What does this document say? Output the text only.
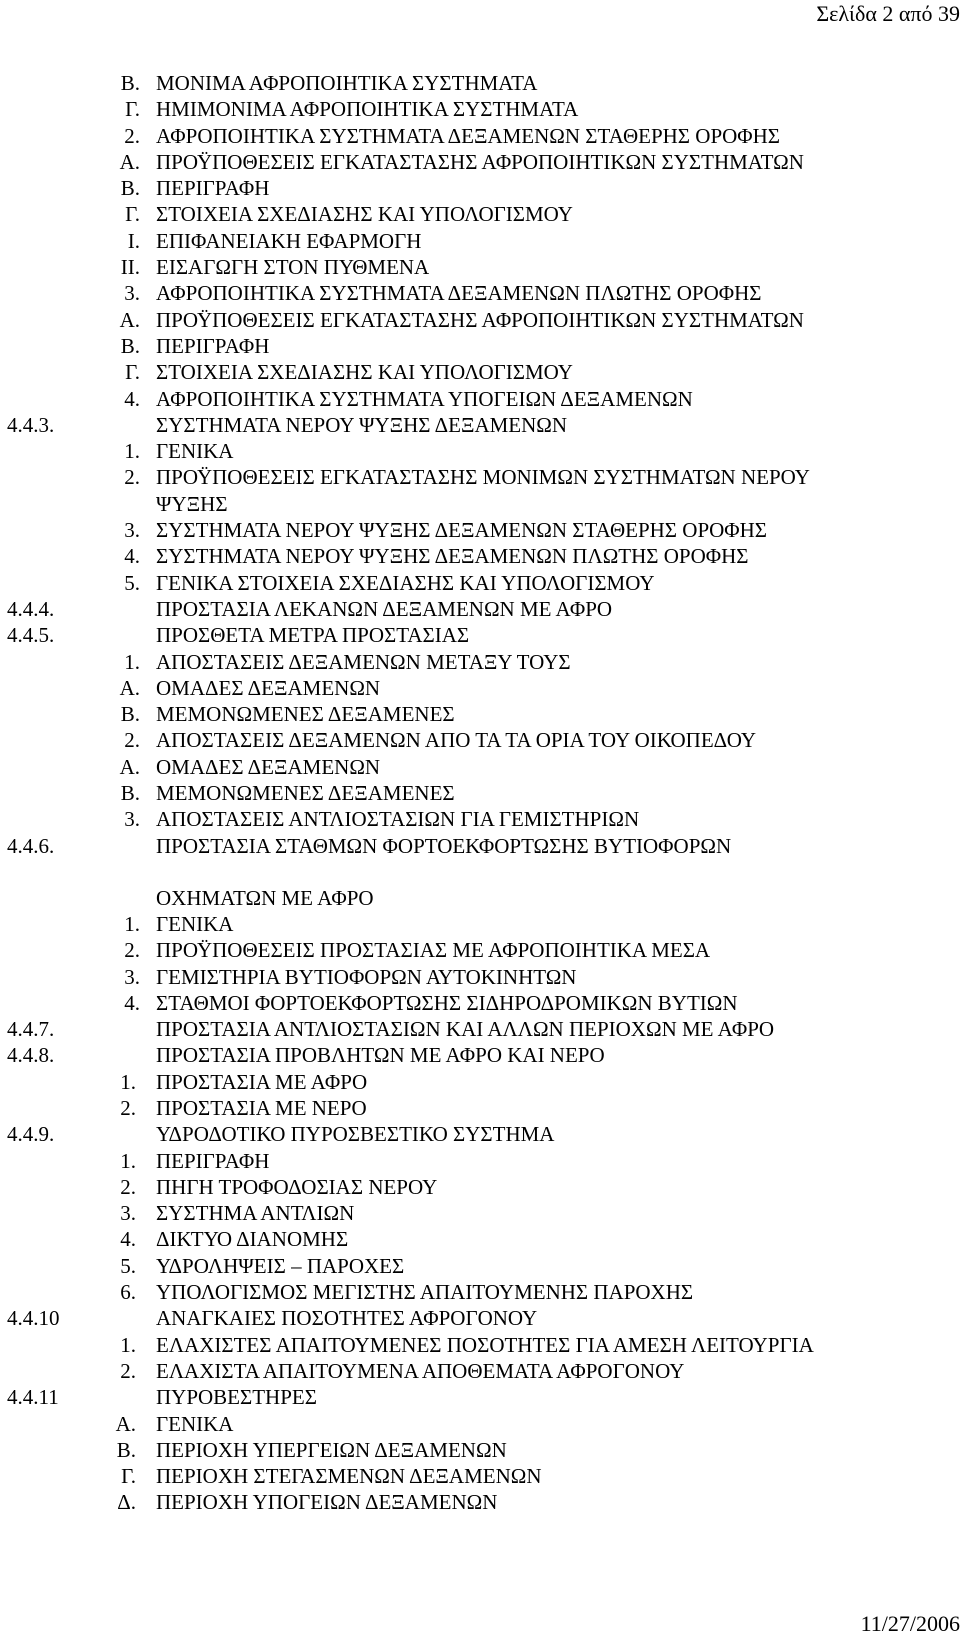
Σελίδα 2 από 39
Β. ΜΟΝΙΜΑ ΑΦΡΟΠΟΙΗΤΙΚΑ ΣΥΣΤΗΜΑΤΑ
Γ. ΗΜΙΜΟΝΙΜΑ ΑΦΡΟΠΟΙΗΤΙΚΑ ΣΥΣΤΗΜΑΤΑ
2. ΑΦΡΟΠΟΙΗΤΙΚΑ ΣΥΣΤΗΜΑΤΑ ΔΕΞΑΜΕΝΩΝ ΣΤΑΘΕΡΗΣ ΟΡΟΦΗΣ
Α. ΠΡΟΫΠΟΘΕΣΕΙΣ ΕΓΚΑΤΑΣΤΑΣΗΣ ΑΦΡΟΠΟΙΗΤΙΚΩΝ ΣΥΣΤΗΜΑΤΩΝ
Β. ΠΕΡΙΓΡΑΦΗ
Γ. ΣΤΟΙΧΕΙΑ ΣΧΕΔΙΑΣΗΣ ΚΑΙ ΥΠΟΛΟΓΙΣΜΟΥ
Ι. ΕΠΙΦΑΝΕΙΑΚΗ ΕΦΑΡΜΟΓΗ
ΙΙ. ΕΙΣΑΓΩΓΗ ΣΤΟΝ ΠΥΘΜΕΝΑ
3. ΑΦΡΟΠΟΙΗΤΙΚΑ ΣΥΣΤΗΜΑΤΑ ΔΕΞΑΜΕΝΩΝ ΠΛΩΤΗΣ ΟΡΟΦΗΣ
Α. ΠΡΟΫΠΟΘΕΣΕΙΣ ΕΓΚΑΤΑΣΤΑΣΗΣ ΑΦΡΟΠΟΙΗΤΙΚΩΝ ΣΥΣΤΗΜΑΤΩΝ
Β. ΠΕΡΙΓΡΑΦΗ
Γ. ΣΤΟΙΧΕΙΑ ΣΧΕΔΙΑΣΗΣ ΚΑΙ ΥΠΟΛΟΓΙΣΜΟΥ
4. ΑΦΡΟΠΟΙΗΤΙΚΑ ΣΥΣΤΗΜΑΤΑ ΥΠΟΓΕΙΩΝ ΔΕΞΑΜΕΝΩΝ
4.4.3.	ΣΥΣΤΗΜΑΤΑ ΝΕΡΟΥ ΨΥΞΗΣ ΔΕΞΑΜΕΝΩΝ
1. ΓΕΝΙΚΑ
2. ΠΡΟΫΠΟΘΕΣΕΙΣ ΕΓΚΑΤΑΣΤΑΣΗΣ ΜΟΝΙΜΩΝ ΣΥΣΤΗΜΑΤΩΝ ΝΕΡΟΥ
ΨΥΞΗΣ
3. ΣΥΣΤΗΜΑΤΑ ΝΕΡΟΥ ΨΥΞΗΣ ΔΕΞΑΜΕΝΩΝ ΣΤΑΘΕΡΗΣ ΟΡΟΦΗΣ
4. ΣΥΣΤΗΜΑΤΑ ΝΕΡΟΥ ΨΥΞΗΣ ΔΕΞΑΜΕΝΩΝ ΠΛΩΤΗΣ ΟΡΟΦΗΣ
5. ΓΕΝΙΚΑ ΣΤΟΙΧΕΙΑ ΣΧΕΔΙΑΣΗΣ ΚΑΙ ΥΠΟΛΟΓΙΣΜΟΥ
4.4.4.	ΠΡΟΣΤΑΣΙΑ ΛΕΚΑΝΩΝ ΔΕΞΑΜΕΝΩΝ ΜΕ ΑΦΡΟ
4.4.5.	ΠΡΟΣΘΕΤΑ ΜΕΤΡΑ ΠΡΟΣΤΑΣΙΑΣ
1. ΑΠΟΣΤΑΣΕΙΣ ΔΕΞΑΜΕΝΩΝ ΜΕΤΑΞΥ ΤΟΥΣ
Α. ΟΜΑΔΕΣ ΔΕΞΑΜΕΝΩΝ
Β. ΜΕΜΟΝΩΜΕΝΕΣ ΔΕΞΑΜΕΝΕΣ
2. ΑΠΟΣΤΑΣΕΙΣ ΔΕΞΑΜΕΝΩΝ ΑΠΟ ΤΑ ΤΑ ΟΡΙΑ ΤΟΥ ΟΙΚΟΠΕΔΟΥ
Α. ΟΜΑΔΕΣ ΔΕΞΑΜΕΝΩΝ
Β. ΜΕΜΟΝΩΜΕΝΕΣ ΔΕΞΑΜΕΝΕΣ
3. ΑΠΟΣΤΑΣΕΙΣ ΑΝΤΛΙΟΣΤΑΣΙΩΝ ΓΙΑ ΓΕΜΙΣΤΗΡΙΩΝ
4.4.6.	ΠΡΟΣΤΑΣΙΑ ΣΤΑΘΜΩΝ ΦΟΡΤΟΕΚΦΟΡΤΩΣΗΣ ΒΥΤΙΟΦΟΡΩΝ
ΟΧΗΜΑΤΩΝ ΜΕ ΑΦΡΟ
1. ΓΕΝΙΚΑ
2. ΠΡΟΫΠΟΘΕΣΕΙΣ ΠΡΟΣΤΑΣΙΑΣ ΜΕ ΑΦΡΟΠΟΙΗΤΙΚΑ ΜΕΣΑ
3. ΓΕΜΙΣΤΗΡΙΑ ΒΥΤΙΟΦΟΡΩΝ ΑΥΤΟΚΙΝΗΤΩΝ
4. ΣΤΑΘΜΟΙ ΦΟΡΤΟΕΚΦΟΡΤΩΣΗΣ ΣΙΔΗΡΟΔΡΟΜΙΚΩΝ ΒΥΤΙΩΝ
4.4.7.	ΠΡΟΣΤΑΣΙΑ ΑΝΤΛΙΟΣΤΑΣΙΩΝ ΚΑΙ ΑΛΛΩΝ ΠΕΡΙΟΧΩΝ ΜΕ ΑΦΡΟ
4.4.8.	ΠΡΟΣΤΑΣΙΑ ΠΡΟΒΛΗΤΩΝ ΜΕ ΑΦΡΟ ΚΑΙ ΝΕΡΟ
1. ΠΡΟΣΤΑΣΙΑ ΜΕ ΑΦΡΟ
2. ΠΡΟΣΤΑΣΙΑ ΜΕ ΝΕΡΟ
4.4.9.	ΥΔΡΟΔΟΤΙΚΟ ΠΥΡΟΣΒΕΣΤΙΚΟ ΣΥΣΤΗΜΑ
1. ΠΕΡΙΓΡΑΦΗ
2. ΠΗΓΗ ΤΡΟΦΟΔΟΣΙΑΣ ΝΕΡΟΥ
3. ΣΥΣΤΗΜΑ ΑΝΤΛΙΩΝ
4. ΔΙΚΤΥΟ ΔΙΑΝΟΜΗΣ
5. ΥΔΡΟΛΗΨΕΙΣ – ΠΑΡΟΧΕΣ
6. ΥΠΟΛΟΓΙΣΜΟΣ ΜΕΓΙΣΤΗΣ ΑΠΑΙΤΟΥΜΕΝΗΣ ΠΑΡΟΧΗΣ
4.4.10	ΑΝΑΓΚΑΙΕΣ ΠΟΣΟΤΗΤΕΣ ΑΦΡΟΓΟΝΟΥ
1. ΕΛΑΧΙΣΤΕΣ ΑΠΑΙΤΟΥΜΕΝΕΣ ΠΟΣΟΤΗΤΕΣ ΓΙΑ ΑΜΕΣΗ ΛΕΙΤΟΥΡΓΙΑ
2. ΕΛΑΧΙΣΤΑ ΑΠΑΙΤΟΥΜΕΝΑ ΑΠΟΘΕΜΑΤΑ ΑΦΡΟΓΟΝΟΥ
4.4.11	ΠΥΡΟΒΕΣΤΗΡΕΣ
Α. ΓΕΝΙΚΑ
Β. ΠΕΡΙΟΧΗ ΥΠΕΡΓΕΙΩΝ ΔΕΞΑΜΕΝΩΝ
Γ. ΠΕΡΙΟΧΗ ΣΤΕΓΑΣΜΕΝΩΝ ΔΕΞΑΜΕΝΩΝ
Δ. ΠΕΡΙΟΧΗ ΥΠΟΓΕΙΩΝ ΔΕΞΑΜΕΝΩΝ
11/27/2006
